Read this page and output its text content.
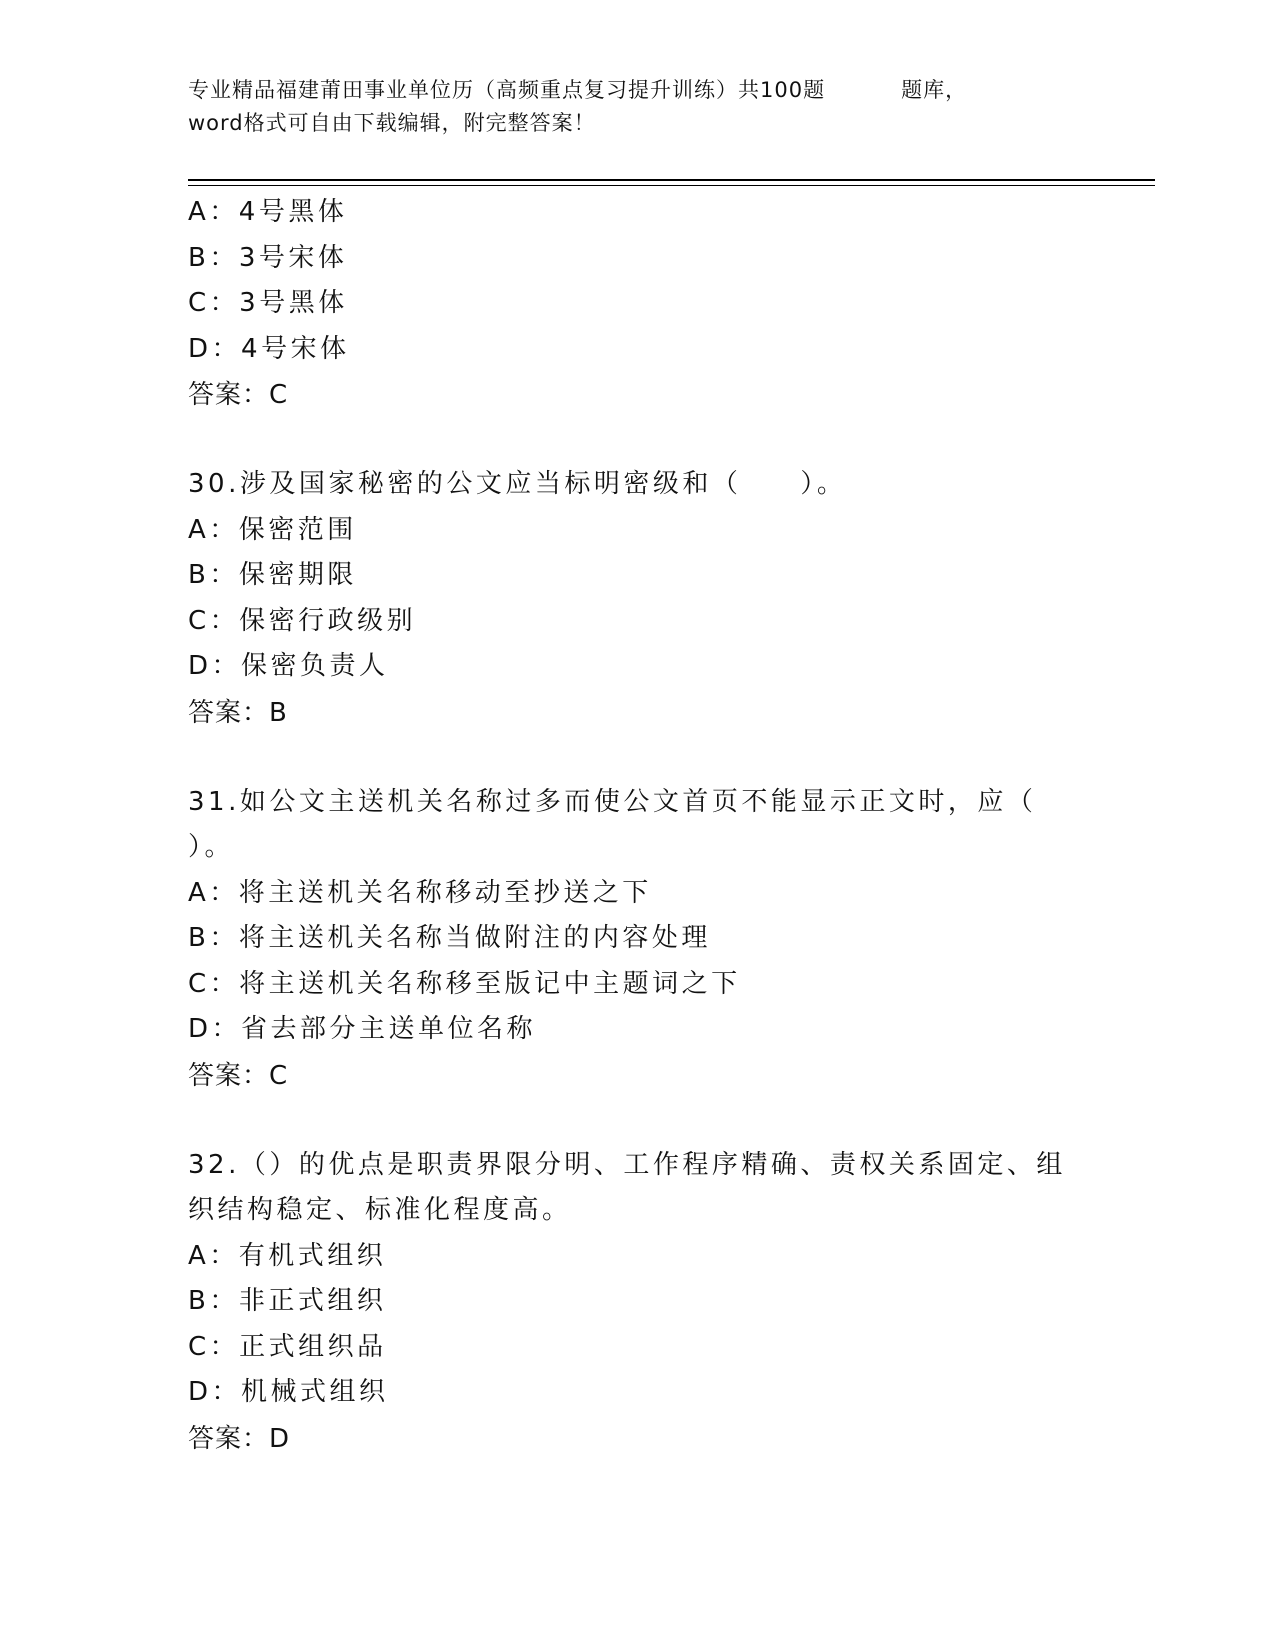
专业精品福建莆田事业单位历（高频重点复习提升训练）共100题	题库，
word格式可自由下载编辑，附完整答案！
A：4号黑体
B：3号宋体
C：3号黑体
D：4号宋体
答案：C
30.涉及国家秘密的公文应当标明密级和（　　）。
A：保密范围
B：保密期限
C：保密行政级别
D：保密负责人
答案：B
31.如公文主送机关名称过多而使公文首页不能显示正文时，应（ ）。
A：将主送机关名称移动至抄送之下
B：将主送机关名称当做附注的内容处理
C：将主送机关名称移至版记中主题词之下
D：省去部分主送单位名称
答案：C
32.（）的优点是职责界限分明、工作程序精确、责权关系固定、组织结构稳定、标准化程度高。
A：有机式组织
B：非正式组织
C：正式组织品
D：机械式组织
答案：D
